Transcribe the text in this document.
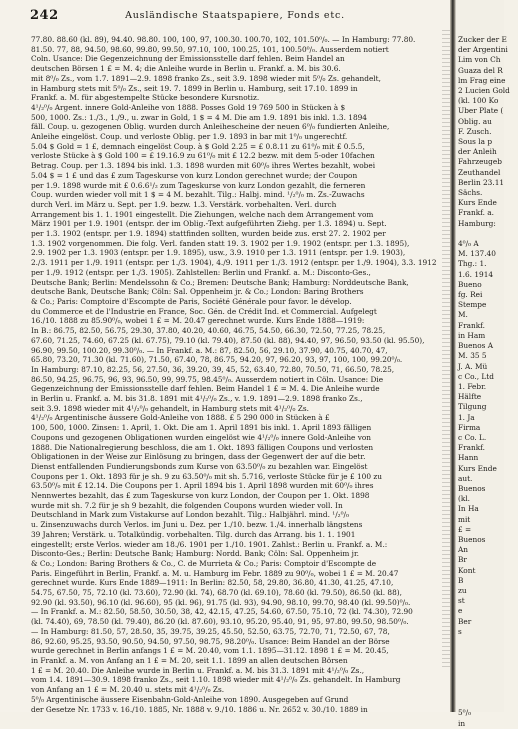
242	Ausländische Staatspapiere, Fonds etc.
77.80. 88.60 (kl. 89), 94.40. 98.80. 100, 100, 97, 100.30. 100.70, 102, 101.50⁰/₀. — In Hamburg: 77.80.
81.50. 77, 88, 94.50, 98.60, 99.80, 99.50, 97.10, 100, 100.25, 101, 100.50⁰/₀. Ausserdem notiert
Coln. Usance: Die Gegenzeichnung der Emissionsstelle darf fehlen. Beim Handel an
deutschen Börsen 1 £ = M. 4; die Anleihe wurde in Berlin u. Frankf. a. M. bis 30.6.
mit 8⁰/₀ Zs., vom 1.7. 1891—2.9. 1898 franko Zs., seit 3.9. 1898 wieder mit 5⁰/₀ Zs. gehandelt,
in Hamburg stets mit 5⁰/₀ Zs., seit 19. 7. 1899 in Berlin u. Hamburg, seit 17.10. 1899 in
Frankf. a. M. für abgestempelte Stücke besondere Kursnotiz.
4¹/₂⁰/₀ Argent. innere Gold-Anleihe von 1888. Posses Gold 19 769 500 in Stücken à $
500, 1000. Zs.: 1./3., 1./9., u. zwar in Gold, 1 $ = 4 M. Die am 1.9. 1891 bis inkl. 1.3. 1894
fäll. Coup. u. gezogenen Oblig. wurden durch Anleihescheine der neuen 6⁰/₀ fundierten Anleihe,
Anleihe eingelöst. Coup. und verloste Oblig. per 1.9. 1893 in bar mit 1⁰/₀ ungerechtf.
5.04 $ Gold = 1 £, demnach eingelöst Coup. à $ Gold 2.25 = £ 0.8.11 zu 61⁰/₀ mit £ 0.5.5,
verloste Stücke à $ Gold 100 = £ 19.16.9 zu 61⁰/₀ mit £ 12.2 bezw. mit dem 5-oder 10fachen
Betrag. Coup. per 1.3. 1894 bis inkl. 1.3. 1898 wurden mit 60⁰/₀ ihres Wertes bezahlt, wobei
5.04 $ = 1 £ und das £ zum Tageskurse von kurz London gerechnet wurde; der Coupon
per 1.9. 1898 wurde mit £ 0.6.6¹/₂ zum Tageskurse von kurz London gezahlt, die ferneren
Coup. wurden wieder voll mit 1 $ = 4 M. bezahlt. Tilg.: Halbj. mind. ¹/₂⁰/₀ m. Zs.-Zuwachs
durch Verl. im März u. Sept. per 1.9. bezw. 1.3. Verstärk. vorbehalten. Verl. durch
Arrangement bis 1. 1. 1901 eingestellt. Die Ziehungen, welche nach dem Arrangement vom
März 1901 per 1.9. 1901 (entspr. der im Oblig.-Text aufgeführten Ziehg. per 1.3. 1894) u. Sept.
per 1.3. 1902 (entspr. per 1.9. 1894) stattfinden sollten, wurden beide zus. erst 27. 2. 1902 per
1.3. 1902 vorgenommen. Die folg. Verl. fanden statt 19. 3. 1902 per 1.9. 1902 (entspr. per 1.3. 1895),
2.9. 1902 per 1.3. 1903 (entspr. per 1.9. 1895), usw., 3.9. 1910 per 1.3. 1911 (entspr. per 1.9. 1903),
2./3. 1911 per 1./9. 1911 (entspr. per 1./3. 1904), 4./9. 1911 per 1./3. 1912 (entspr. per 1./9. 1904), 3.3. 1912
per 1./9. 1912 (entspr. per 1./3. 1905). Zahlstellen: Berlin und Frankf. a. M.: Disconto-Ges.,
Deutsche Bank; Berlin: Mendelssohn & Co.; Bremen: Deutsche Bank; Hamburg: Norddeutsche Bank,
deutsche Bank, Deutsche Bank; Cöln: Sal. Oppenheim jr. & Co.; London: Baring Brothers
& Co.; Paris: Comptoire d'Escompte de Paris, Société Générale pour favor. le dévelop.
du Commerce et de l'Industrie en France, Soc. Gén. de Crédit Ind. et Commercial. Aufgelegt
16./10. 1888 zu 85.90⁰/₀, wobei 1 £ = M. 20.47 gerechnet wurde. Kurs Ende 1888—1919:
In B.: 86.75, 82.50, 56.75, 29.30, 37.80, 40.20, 40.60, 46.75, 54.50, 66.30, 72.50, 77.25, 78.25,
67.60, 71.25, 74.60, 67.25 (kl. 67.75), 79.10 (kl. 79.40), 87.50 (kl. 88), 94.40, 97, 96.50, 93.50 (kl. 95.50),
96.90, 99.50, 100.20, 99.30⁰/₀. — In Frankf. a. M.: 87, 82.50, 56, 29.10, 37.90, 40.75, 40.70, 47,
65.80, 73.20, 71.30 (kl. 71.60), 71.50, 67.40, 78, 86.75, 94.20, 97, 96.20, 93, 97, 100, 100, 99.20⁰/₀.
In Hamburg: 87.10, 82.25, 56, 27.50, 36, 39.20, 39, 45, 52, 63.40, 72.80, 70.50, 71, 66.50, 78.25,
86.50, 94.25, 96.75, 96, 93, 96.50, 99, 99.75, 98.45⁰/₀. Ausserdem notiert in Cöln. Usance: Die
Gegenzeichnung der Emissionsstelle darf fehlen. Beim Handel 1 £ = M. 4. Die Anleihe wurde
in Berlin u. Frankf. a. M. bis 31.8. 1891 mit 4¹/₂⁰/₀ Zs., v. 1.9. 1891—2.9. 1898 franko Zs.,
seit 3.9. 1898 wieder mit 4¹/₂⁰/₀ gehandelt, in Hamburg stets mit 4¹/₂⁰/₀ Zs.
4¹/₂⁰/₀ Argentinische äussere Gold-Anleihe von 1888. £ 5 290 000 in Stücken à £
100, 500, 1000. Zinsen: 1. April, 1. Okt. Die am 1. April 1891 bis inkl. 1. April 1893 fälligen
Coupons und gezogenen Obligationen wurden eingelöst wie 4¹/₂⁰/₀ innere Gold-Anleihe von
1888. Die Nationalregierung beschloss, die am 1. Okt. 1893 fälligen Coupons und verlosten
Obligationen in der Weise zur Einlösung zu bringen, dass der Gegenwert der auf die betr.
Dienst entfallenden Fundierungsbonds zum Kurse von 63.50⁰/₀ zu bezahlen war. Eingelöst
Coupons per 1. Okt. 1893 für je sh. 9 zu 63.50⁰/₀ mit sh. 5.716, verloste Stücke für je £ 100 zu
63.50⁰/₀ mit £ 12.14. Die Coupons per 1. April 1894 bis 1. April 1898 wurden mit 60⁰/₀ ihres
Nennwertes bezahlt, das £ zum Tageskurse von kurz London, der Coupon per 1. Okt. 1898
wurde mit sh. 7.2 für je sh 9 bezahlt, die folgenden Coupons wurden wieder voll. In
Deutschland in Mark zum Vistakurse auf London bezahlt. Tilg.: Halbjährl. mind. ¹/₂⁰/₀
u. Zinsenzuwachs durch Verlos. im Juni u. Dez. per 1./10. bezw. 1./4. innerhalb längstens
39 Jahren; Verstärk. u. Totalkündig. vorbehalten. Tilg. durch das Arrang. bis 1. 1. 1901
eingestellt; erste Verlos. wieder am 18./6. 1901 per 1./10. 1901. Zahlst.: Berlin u. Frankf. a. M.:
Disconto-Ges.; Berlin: Deutsche Bank; Hamburg: Nordd. Bank; Cöln: Sal. Oppenheim jr.
& Co.; London: Baring Brothers & Co., C. de Murrieta & Co.; Paris: Comptoir d'Escompte de
Paris. Eingeführt in Berlin, Frankf. a. M. u. Hamburg im Febr. 1889 zu 90⁰/₀, wobei 1 £ = M. 20.47
gerechnet wurde. Kurs Ende 1889—1911: In Berlin: 82.50, 58, 29.80, 36.80, 41.30, 41.25, 47.10,
54.75, 67.50, 75, 72.10 (kl. 73.60), 72.90 (kl. 74), 68.70 (kl. 69.10), 78.60 (kl. 79.50), 86.50 (kl. 88),
92.90 (kl. 93.50), 96.10 (kl. 96.60), 95 (kl. 96), 91.75 (kl. 93), 94.90, 98.10, 99.70, 98.40 (kl. 99.50)⁰/₀.
— In Frankf. a. M.: 82.50, 58.50, 30.50, 38, 42, 42.15, 47.25, 54.60, 67.50, 75.10, 72 (kl. 74.30), 72.90
(kl. 74.40), 69, 78.50 (kl. 79.40), 86.20 (kl. 87.60), 93.10, 95.20, 95.40, 91, 95, 97.80, 99.50, 98.50⁰/₀.
— In Hamburg: 81.50, 57, 28.50, 35, 39.75, 39.25, 45.50, 52.50, 63.75, 72.70, 71, 72.50, 67, 78,
86, 92.60, 95.25, 93.50, 90.50, 94.50, 97.50, 98.75, 98.20⁰/₀. Usance: Beim Handel an der Börse
wurde gerechnet in Berlin anfangs 1 £ = M. 20.40, vom 1.1. 1895—31.12. 1898 1 £ = M. 20.45,
in Frankf. a. M. von Anfang an 1 £ = M. 20, seit 1.1. 1899 an allen deutschen Börsen
1 £ = M. 20.40. Die Anleihe wurde in Berlin u. Frankf. a. M. bis 31.3. 1891 mit 4¹/₂⁰/₀ Zs.,
vom 1.4. 1891—30.9. 1898 franko Zs., seit 1.10. 1898 wieder mit 4¹/₂⁰/₀ Zs. gehandelt. In Hamburg
von Anfang an 1 £ = M. 20.40 u. stets mit 4¹/₂⁰/₀ Zs.
5⁰/₀ Argentinische äussere Eisenbahn-Gold-Anleihe von 1890. Ausgegeben auf Grund
der Gesetze Nr. 1733 v. 16./10. 1885, Nr. 1888 v. 9./10. 1886 u. Nr. 2652 v. 30./10. 1889 in
Zucker der E
der Argentini
Lim von Ch
Guaza del R
lm Frag eine
2 Lucien Gold
(kl. 100 Ko
Uber Plate (
Oblig. au
F. Zusch.
Sous la p
der Anleih
Fahrzeugeb
Zeuthandel
Berlin 23.11
Sächs.
Kurs Ende
Frankf. a.
Hamburg:

4⁰/₀ A
M. 137.40
Thg.: 1.
1.6. 1914
Bueno
fg. Rei
Stempe
M.
Frankf.
in Ham
Buenos A
M. 35 5
J. A. Mü
c Co., Ltd
1. Febr.
Hälfte
Tilgung
1. Ja
Firma
c Co. L.
Frankf.
Hann
Kurs Ende
aut.
Buenos
(kl.
In Ha
mit
£ =
Buenos
An
Br
Kont
B
zu
st
e
Ber
s

5⁰/₀
in
